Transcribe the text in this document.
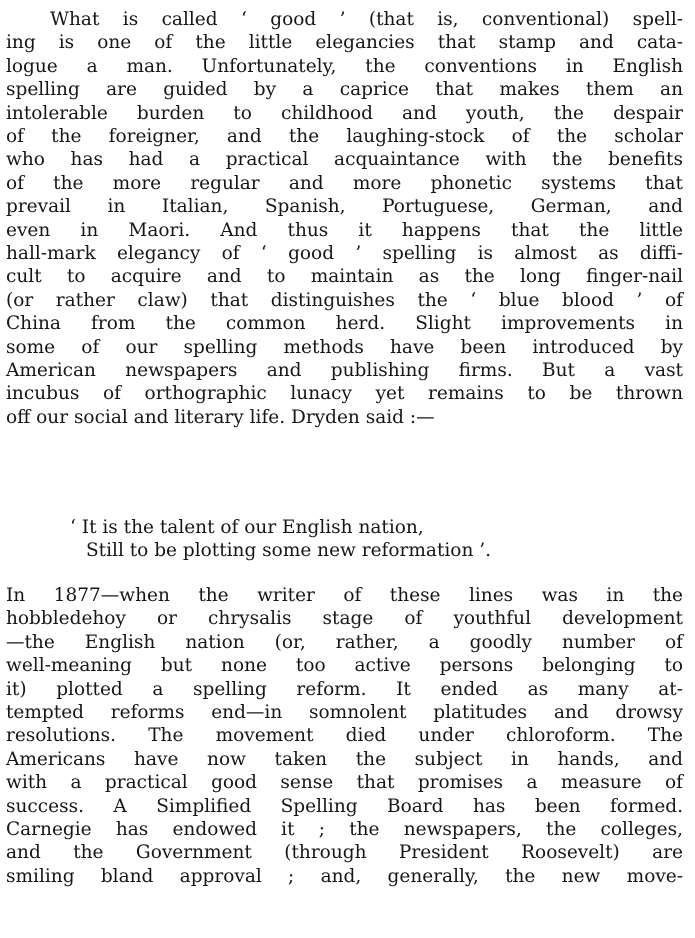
What is called ‘ good ’ (that is, conventional) spell-
ing is one of the little elegancies that stamp and cata-
logue a man. Unfortunately, the conventions in English
spelling are guided by a caprice that makes them an
intolerable burden to childhood and youth, the despair
of the foreigner, and the laughing-stock of the scholar
who has had a practical acquaintance with the benefits
of the more regular and more phonetic systems that
prevail in Italian, Spanish, Portuguese, German, and
even in Maori. And thus it happens that the little
hall-mark elegancy of ‘ good ’ spelling is almost as diffi-
cult to acquire and to maintain as the long finger-nail
(or rather claw) that distinguishes the ‘ blue blood ’ of
China from the common herd. Slight improvements in
some of our spelling methods have been introduced by
American newspapers and publishing firms. But a vast
incubus of orthographic lunacy yet remains to be thrown
off our social and literary life. Dryden said :—
‘ It is the talent of our English nation,
Still to be plotting some new reformation ’.
In 1877—when the writer of these lines was in the
hobbledehoy or chrysalis stage of youthful development
—the English nation (or, rather, a goodly number of
well-meaning but none too active persons belonging to
it) plotted a spelling reform. It ended as many at-
tempted reforms end—in somnolent platitudes and drowsy
resolutions. The movement died under chloroform. The
Americans have now taken the subject in hands, and
with a practical good sense that promises a measure of
success. A Simplified Spelling Board has been formed.
Carnegie has endowed it ; the newspapers, the colleges,
and the Government (through President Roosevelt) are
smiling bland approval ; and, generally, the new move-
